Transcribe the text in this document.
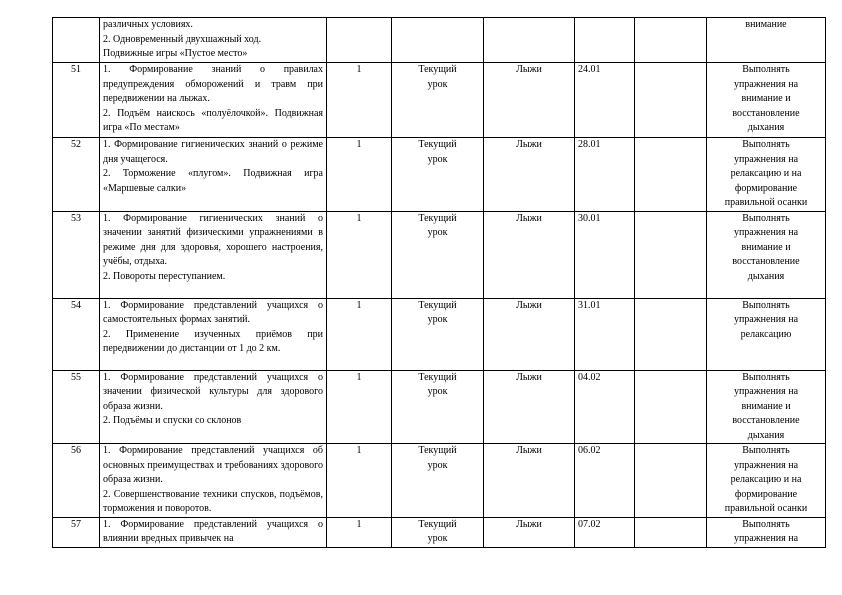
	различных условиях.
2. Одновременный двухшажный ход.
Подвижные игры «Пустое место»						внимание

51	1. Формирование знаний о правилах предупреждения обморожений и травм при передвижении на лыжах.
2. Подъём наискось «полуёлочкой». Подвижная игра «По местам»	1	Текущий
урок	Лыжи	24.01		Выполнять
упражнения на
внимание и
восстановление
дыхания

52	1. Формирование гигиенических знаний о режиме дня учащегося.
2. Торможение «плугом». Подвижная игра «Маршевые салки»	1	Текущий
урок	Лыжи	28.01		Выполнять
упражнения на
релаксацию и на
формирование
правильной осанки

53	1. Формирование гигиенических знаний о значении занятий физическими упражнениями в режиме дня для здоровья, хорошего настроения, учёбы, отдыха.
2. Повороты переступанием.	1	Текущий
урок	Лыжи	30.01		Выполнять
упражнения на
внимание и
восстановление
дыхания

54	1. Формирование представлений учащихся о самостоятельных формах занятий.
2. Применение изученных приёмов при передвижении до дистанции от 1 до 2 км.	1	Текущий
урок	Лыжи	31.01		Выполнять
упражнения на
релаксацию

55	1. Формирование представлений учащихся о значении физической культуры для здорового образа жизни.
2. Подъёмы и спуски со склонов	1	Текущий
урок	Лыжи	04.02		Выполнять
упражнения на
внимание и
восстановление
дыхания

56	1. Формирование представлений учащихся об основных преимуществах и требованиях здорового образа жизни.
2. Совершенствование техники спусков, подъёмов, торможения и поворотов.	1	Текущий
урок	Лыжи	06.02		Выполнять
упражнения на
релаксацию и на
формирование
правильной осанки

57	1. Формирование представлений учащихся о влиянии вредных привычек на	1	Текущий
урок	Лыжи	07.02		Выполнять
упражнения на
